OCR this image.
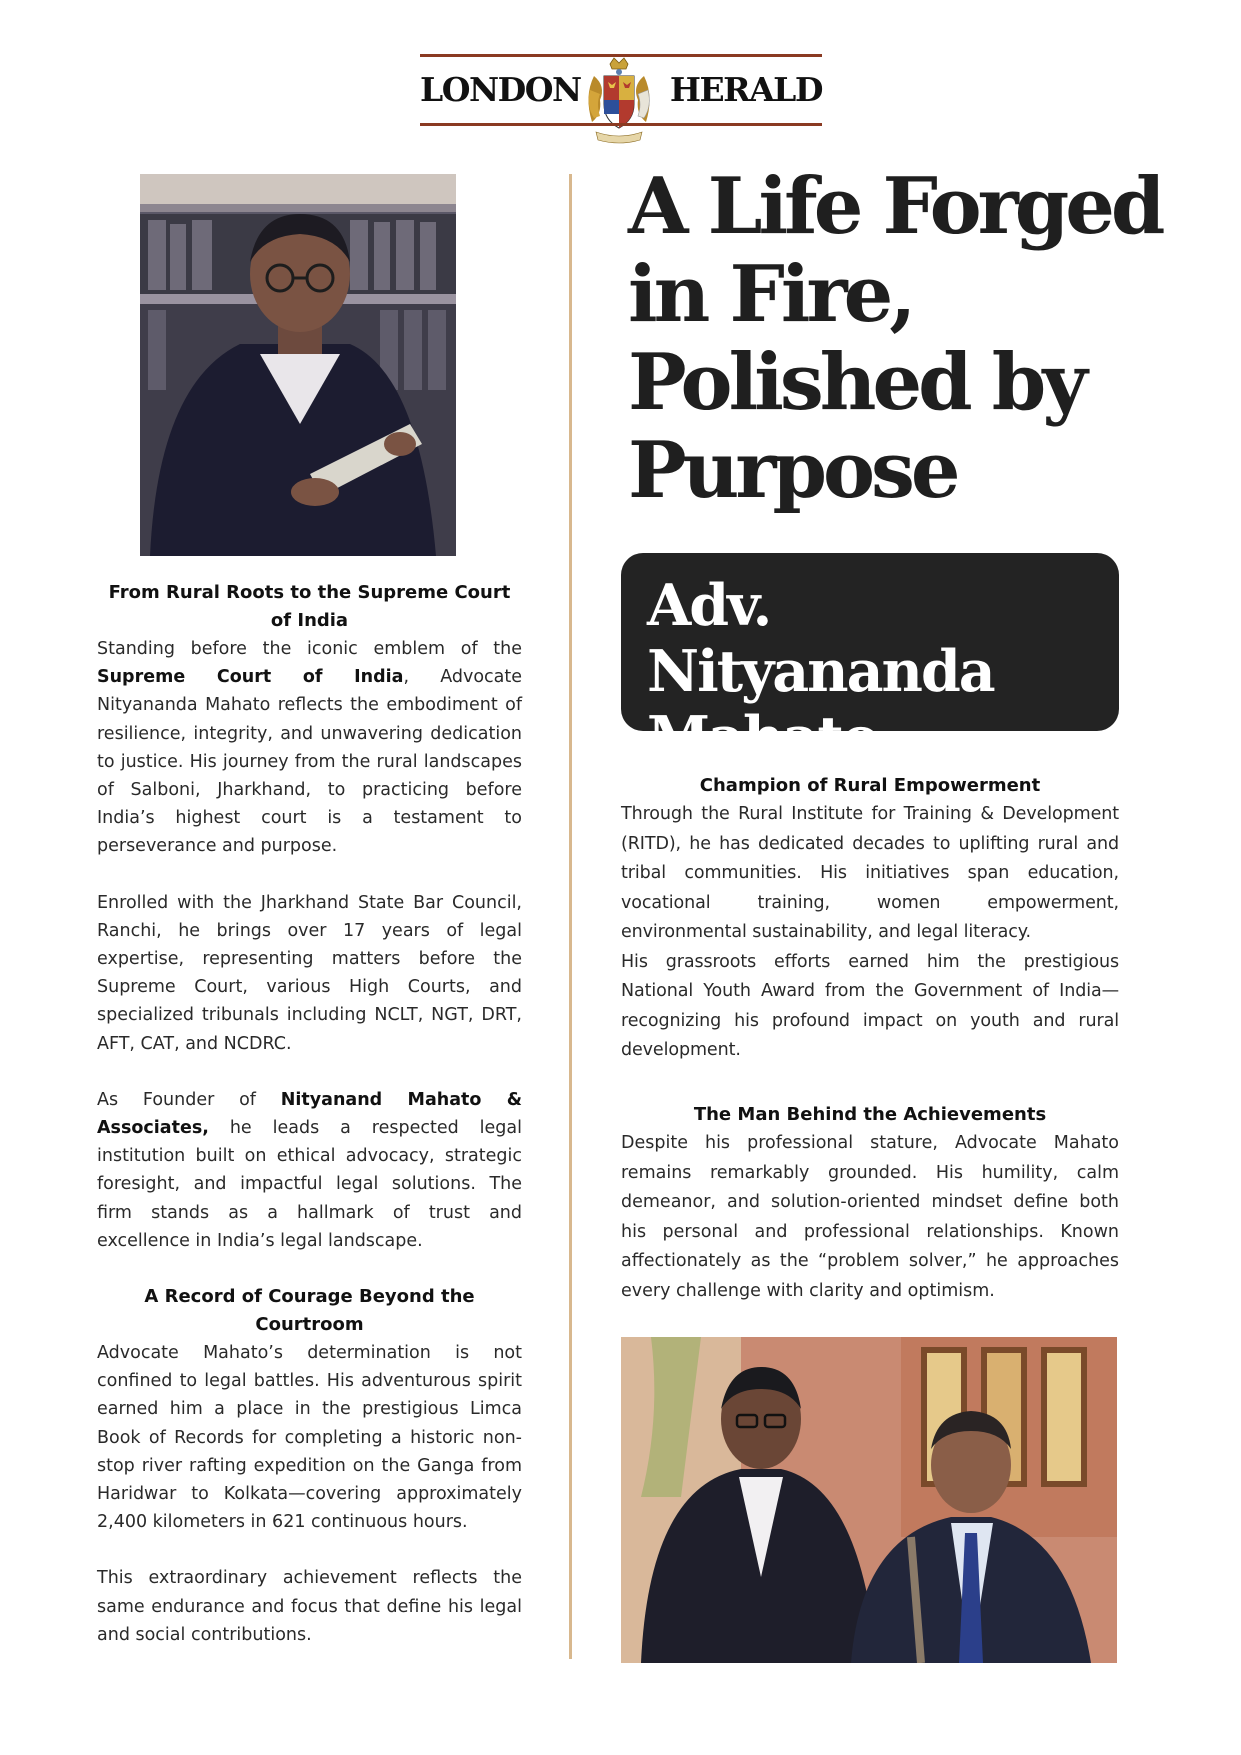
LONDON	HERALD
A Life Forged
in Fire,
Polished by
Purpose
Adv. Nityananda
Mahato
From Rural Roots to the Supreme Court of India

Standing before the iconic emblem of the Supreme Court of India, Advocate Nityananda Mahato reflects the embodiment of resilience, integrity, and unwavering dedication to justice. His journey from the rural landscapes of Salboni, Jharkhand, to practicing before India’s highest court is a testament to perseverance and purpose.

Enrolled with the Jharkhand State Bar Council, Ranchi, he brings over 17 years of legal expertise, representing matters before the Supreme Court, various High Courts, and specialized tribunals including NCLT, NGT, DRT, AFT, CAT, and NCDRC.

As Founder of Nityanand Mahato & Associates, he leads a respected legal institution built on ethical advocacy, strategic foresight, and impactful legal solutions. The firm stands as a hallmark of trust and excellence in India’s legal landscape.

A Record of Courage Beyond the Courtroom

Advocate Mahato’s determination is not confined to legal battles. His adventurous spirit earned him a place in the prestigious Limca Book of Records for completing a historic non-stop river rafting expedition on the Ganga from Haridwar to Kolkata—covering approximately 2,400 kilometers in 621 continuous hours.

This extraordinary achievement reflects the same endurance and focus that define his legal and social contributions.

Champion of Rural Empowerment

Through the Rural Institute for Training & Development (RITD), he has dedicated decades to uplifting rural and tribal communities. His initiatives span education, vocational training, women empowerment, environmental sustainability, and legal literacy.

His grassroots efforts earned him the prestigious National Youth Award from the Government of India—recognizing his profound impact on youth and rural development.

The Man Behind the Achievements

Despite his professional stature, Advocate Mahato remains remarkably grounded. His humility, calm demeanor, and solution-oriented mindset define both his personal and professional relationships. Known affectionately as the “problem solver,” he approaches every challenge with clarity and optimism.
